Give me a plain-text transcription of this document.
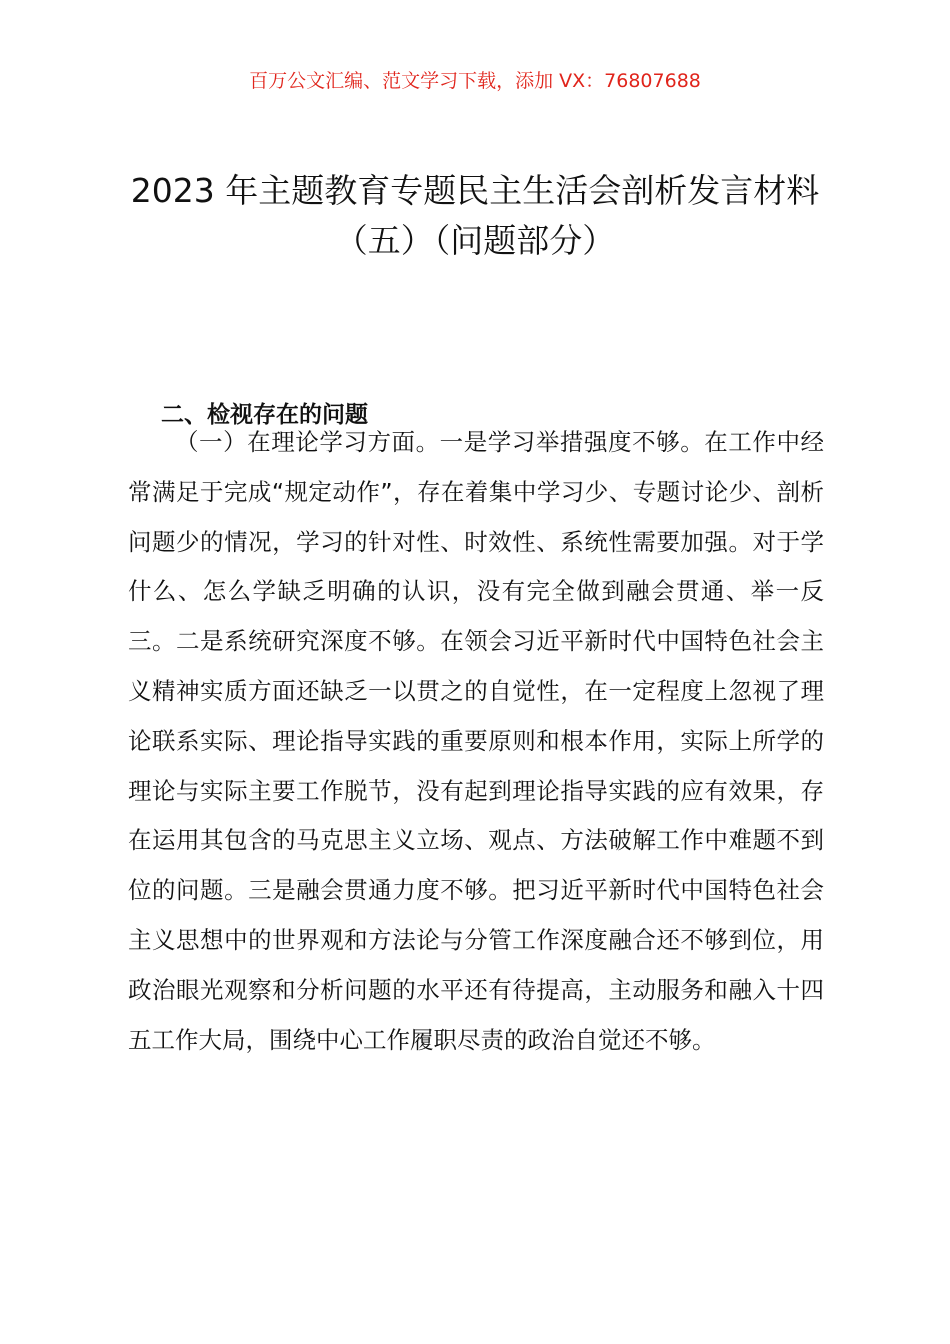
百万公文汇编、范文学习下载，添加 VX：76807688
2023 年主题教育专题民主生活会剖析发言材料（五）（问题部分）
二、检视存在的问题

（一）在理论学习方面。一是学习举措强度不够。在工作中经常满足于完成“规定动作”，存在着集中学习少、专题讨论少、剖析问题少的情况，学习的针对性、时效性、系统性需要加强。对于学什么、怎么学缺乏明确的认识，没有完全做到融会贯通、举一反三。二是系统研究深度不够。在领会习近平新时代中国特色社会主义精神实质方面还缺乏一以贯之的自觉性，在一定程度上忽视了理论联系实际、理论指导实践的重要原则和根本作用，实际上所学的理论与实际主要工作脱节，没有起到理论指导实践的应有效果，存在运用其包含的马克思主义立场、观点、方法破解工作中难题不到位的问题。三是融会贯通力度不够。把习近平新时代中国特色社会主义思想中的世界观和方法论与分管工作深度融合还不够到位，用政治眼光观察和分析问题的水平还有待提高，主动服务和融入十四五工作大局，围绕中心工作履职尽责的政治自觉还不够。
